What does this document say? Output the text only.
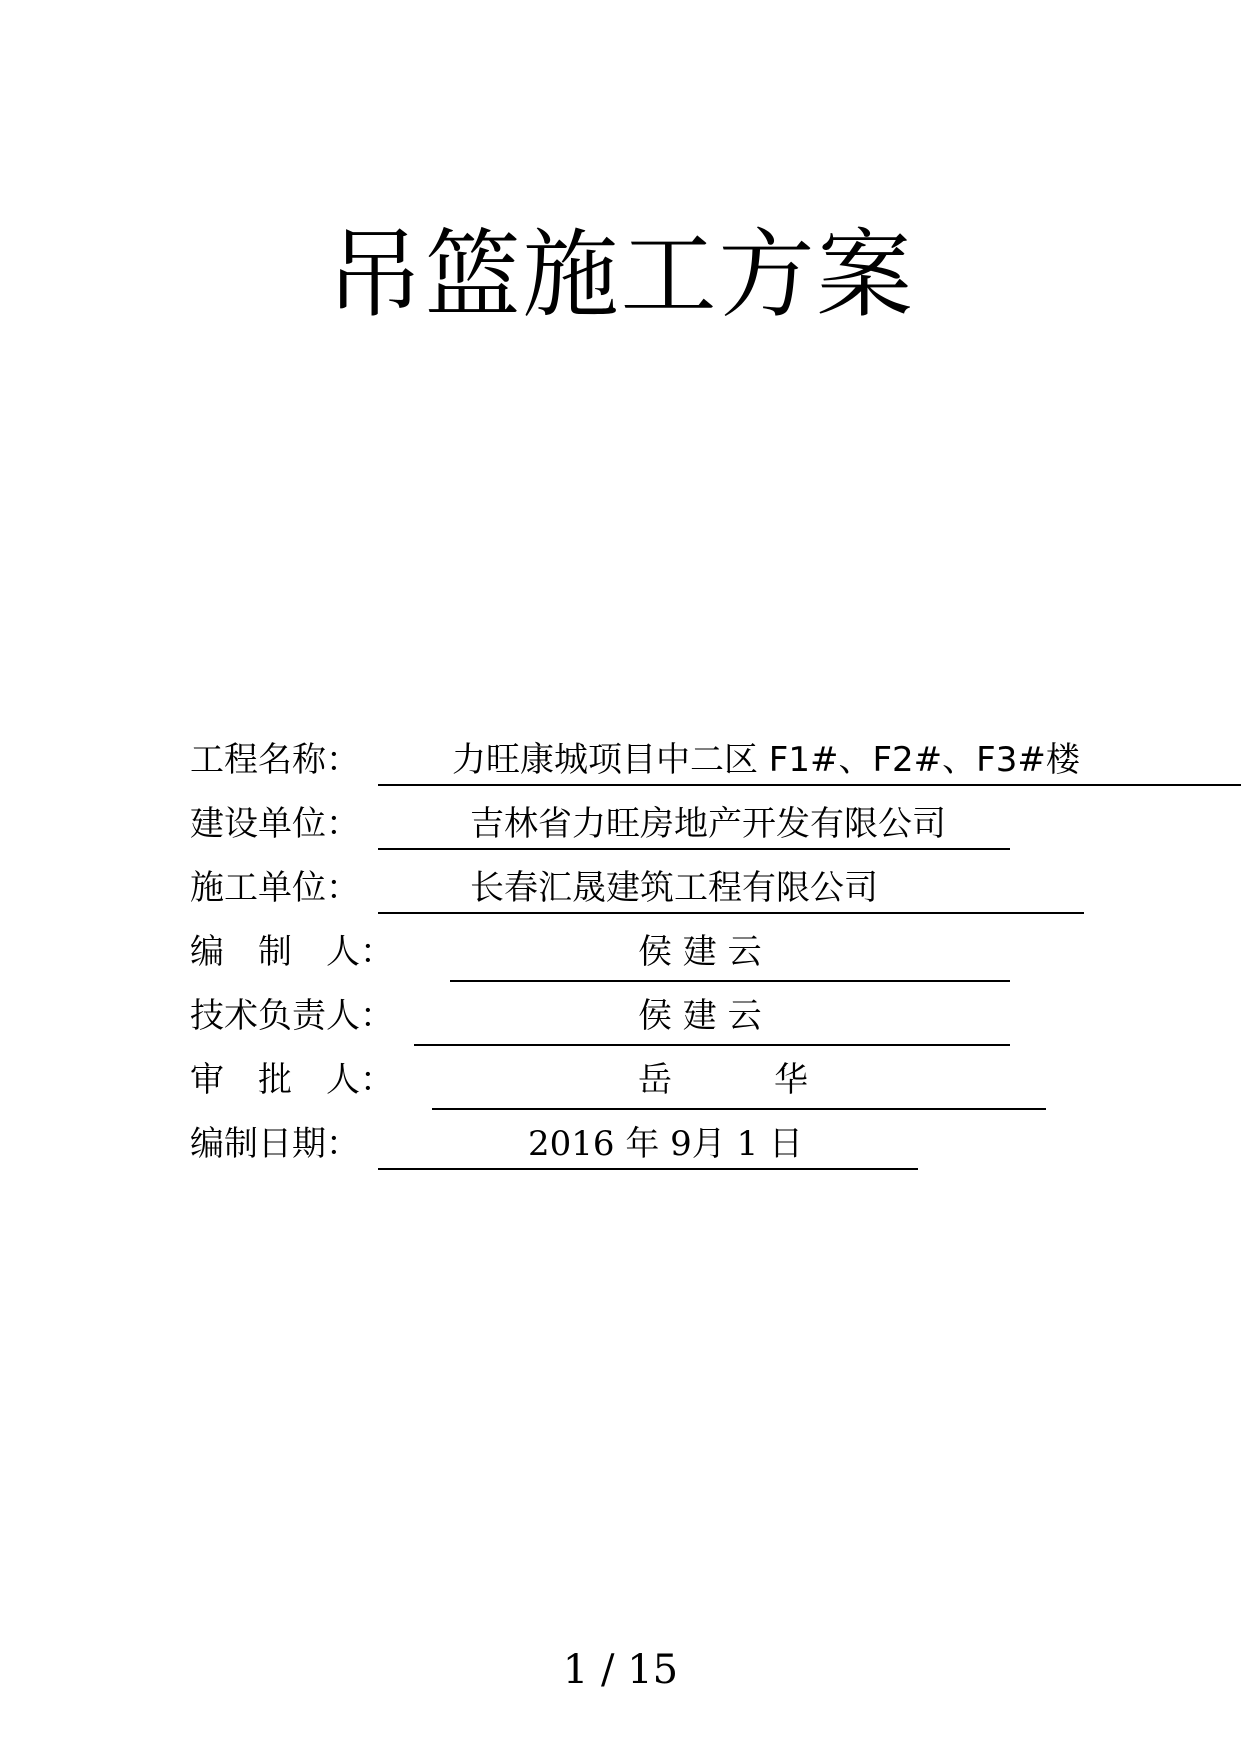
吊篮施工方案
工程名称：	力旺康城项目中二区 F1#、F2#、F3#楼
建设单位：	吉林省力旺房地产开发有限公司
施工单位：	长春汇晟建筑工程有限公司
编　制　人：	侯 建 云
技术负责人：	侯 建 云
审　批　人：	岳　　　华
编制日期：	2016 年 9月 1 日
1 / 15
